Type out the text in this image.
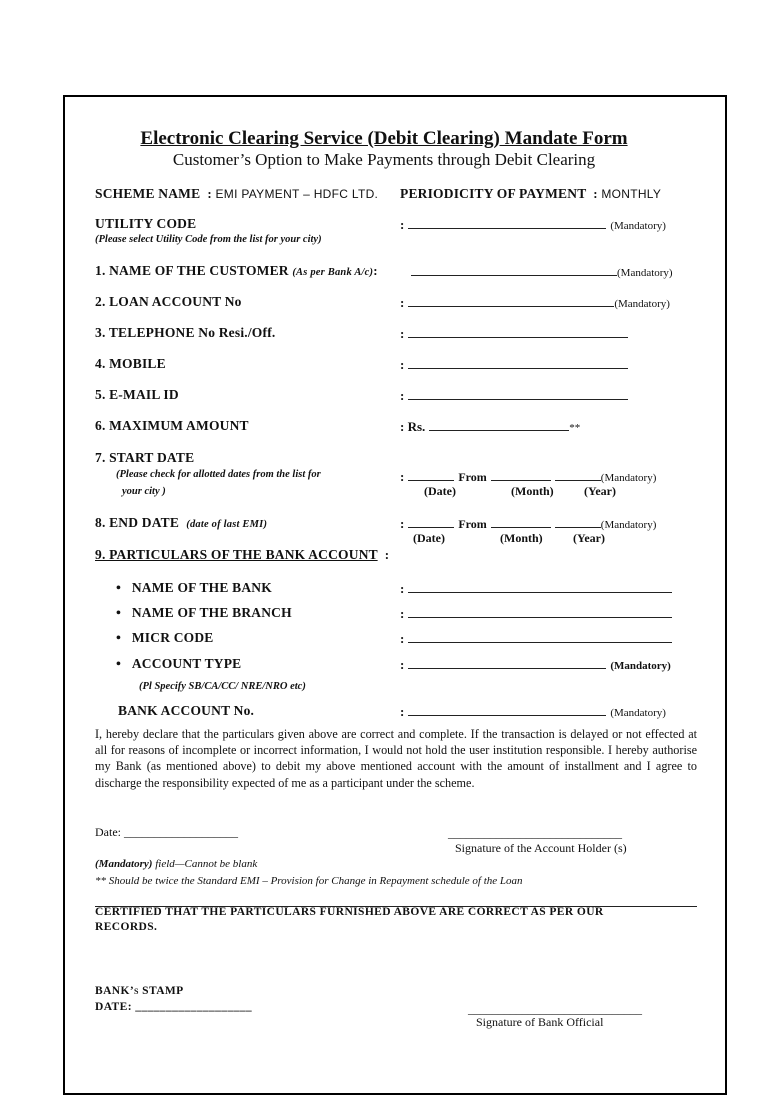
Electronic Clearing Service (Debit Clearing) Mandate Form
Customer’s Option to Make Payments through Debit Clearing
SCHEME NAME  : EMI PAYMENT – HDFC LTD. PERIODICITY OF PAYMENT  : MONTHLY
UTILITY CODE
(Please select Utility Code from the list for your city)
:	(Mandatory)
1. NAME OF THE CUSTOMER (As per Bank A/c):	(Mandatory)
2. LOAN ACCOUNT No	:	(Mandatory)
3. TELEPHONE No Resi./Off.	:
4. MOBILE	:
5. E-MAIL ID	:
6. MAXIMUM AMOUNT	: Rs.	**
7. START DATE
(Please check for allotted dates from the list for
your city )
:	From	(Mandatory)
(Date)	(Month)	(Year)
8. END DATE (date of last EMI)	:	From	(Mandatory)
(Date)	(Month)	(Year)
9. PARTICULARS OF THE BANK ACCOUNT :
• NAME OF THE BANK	:
• NAME OF THE BRANCH	:
• MICR CODE	:
• ACCOUNT TYPE	:	(Mandatory)
(Pl Specify SB/CA/CC/ NRE/NRO etc)
BANK ACCOUNT No.	:	(Mandatory)
I, hereby declare that the particulars given above are correct and complete. If the transaction is delayed or not effected at all for reasons of incomplete or incorrect information, I would not hold the user institution responsible. I hereby authorise my Bank (as mentioned above) to debit my above mentioned account with the amount of installment and I agree to discharge the responsibility expected of me as a participant under the scheme.
Date: ___________________	_____________________________
Signature of the Account Holder (s)
(Mandatory) field—Cannot be blank
** Should be twice the Standard EMI – Provision for Change in Repayment schedule of the Loan
CERTIFIED THAT THE PARTICULARS FURNISHED ABOVE ARE CORRECT AS PER OUR
RECORDS.
BANK’s STAMP
DATE: ___________________	_____________________________
Signature of Bank Official
